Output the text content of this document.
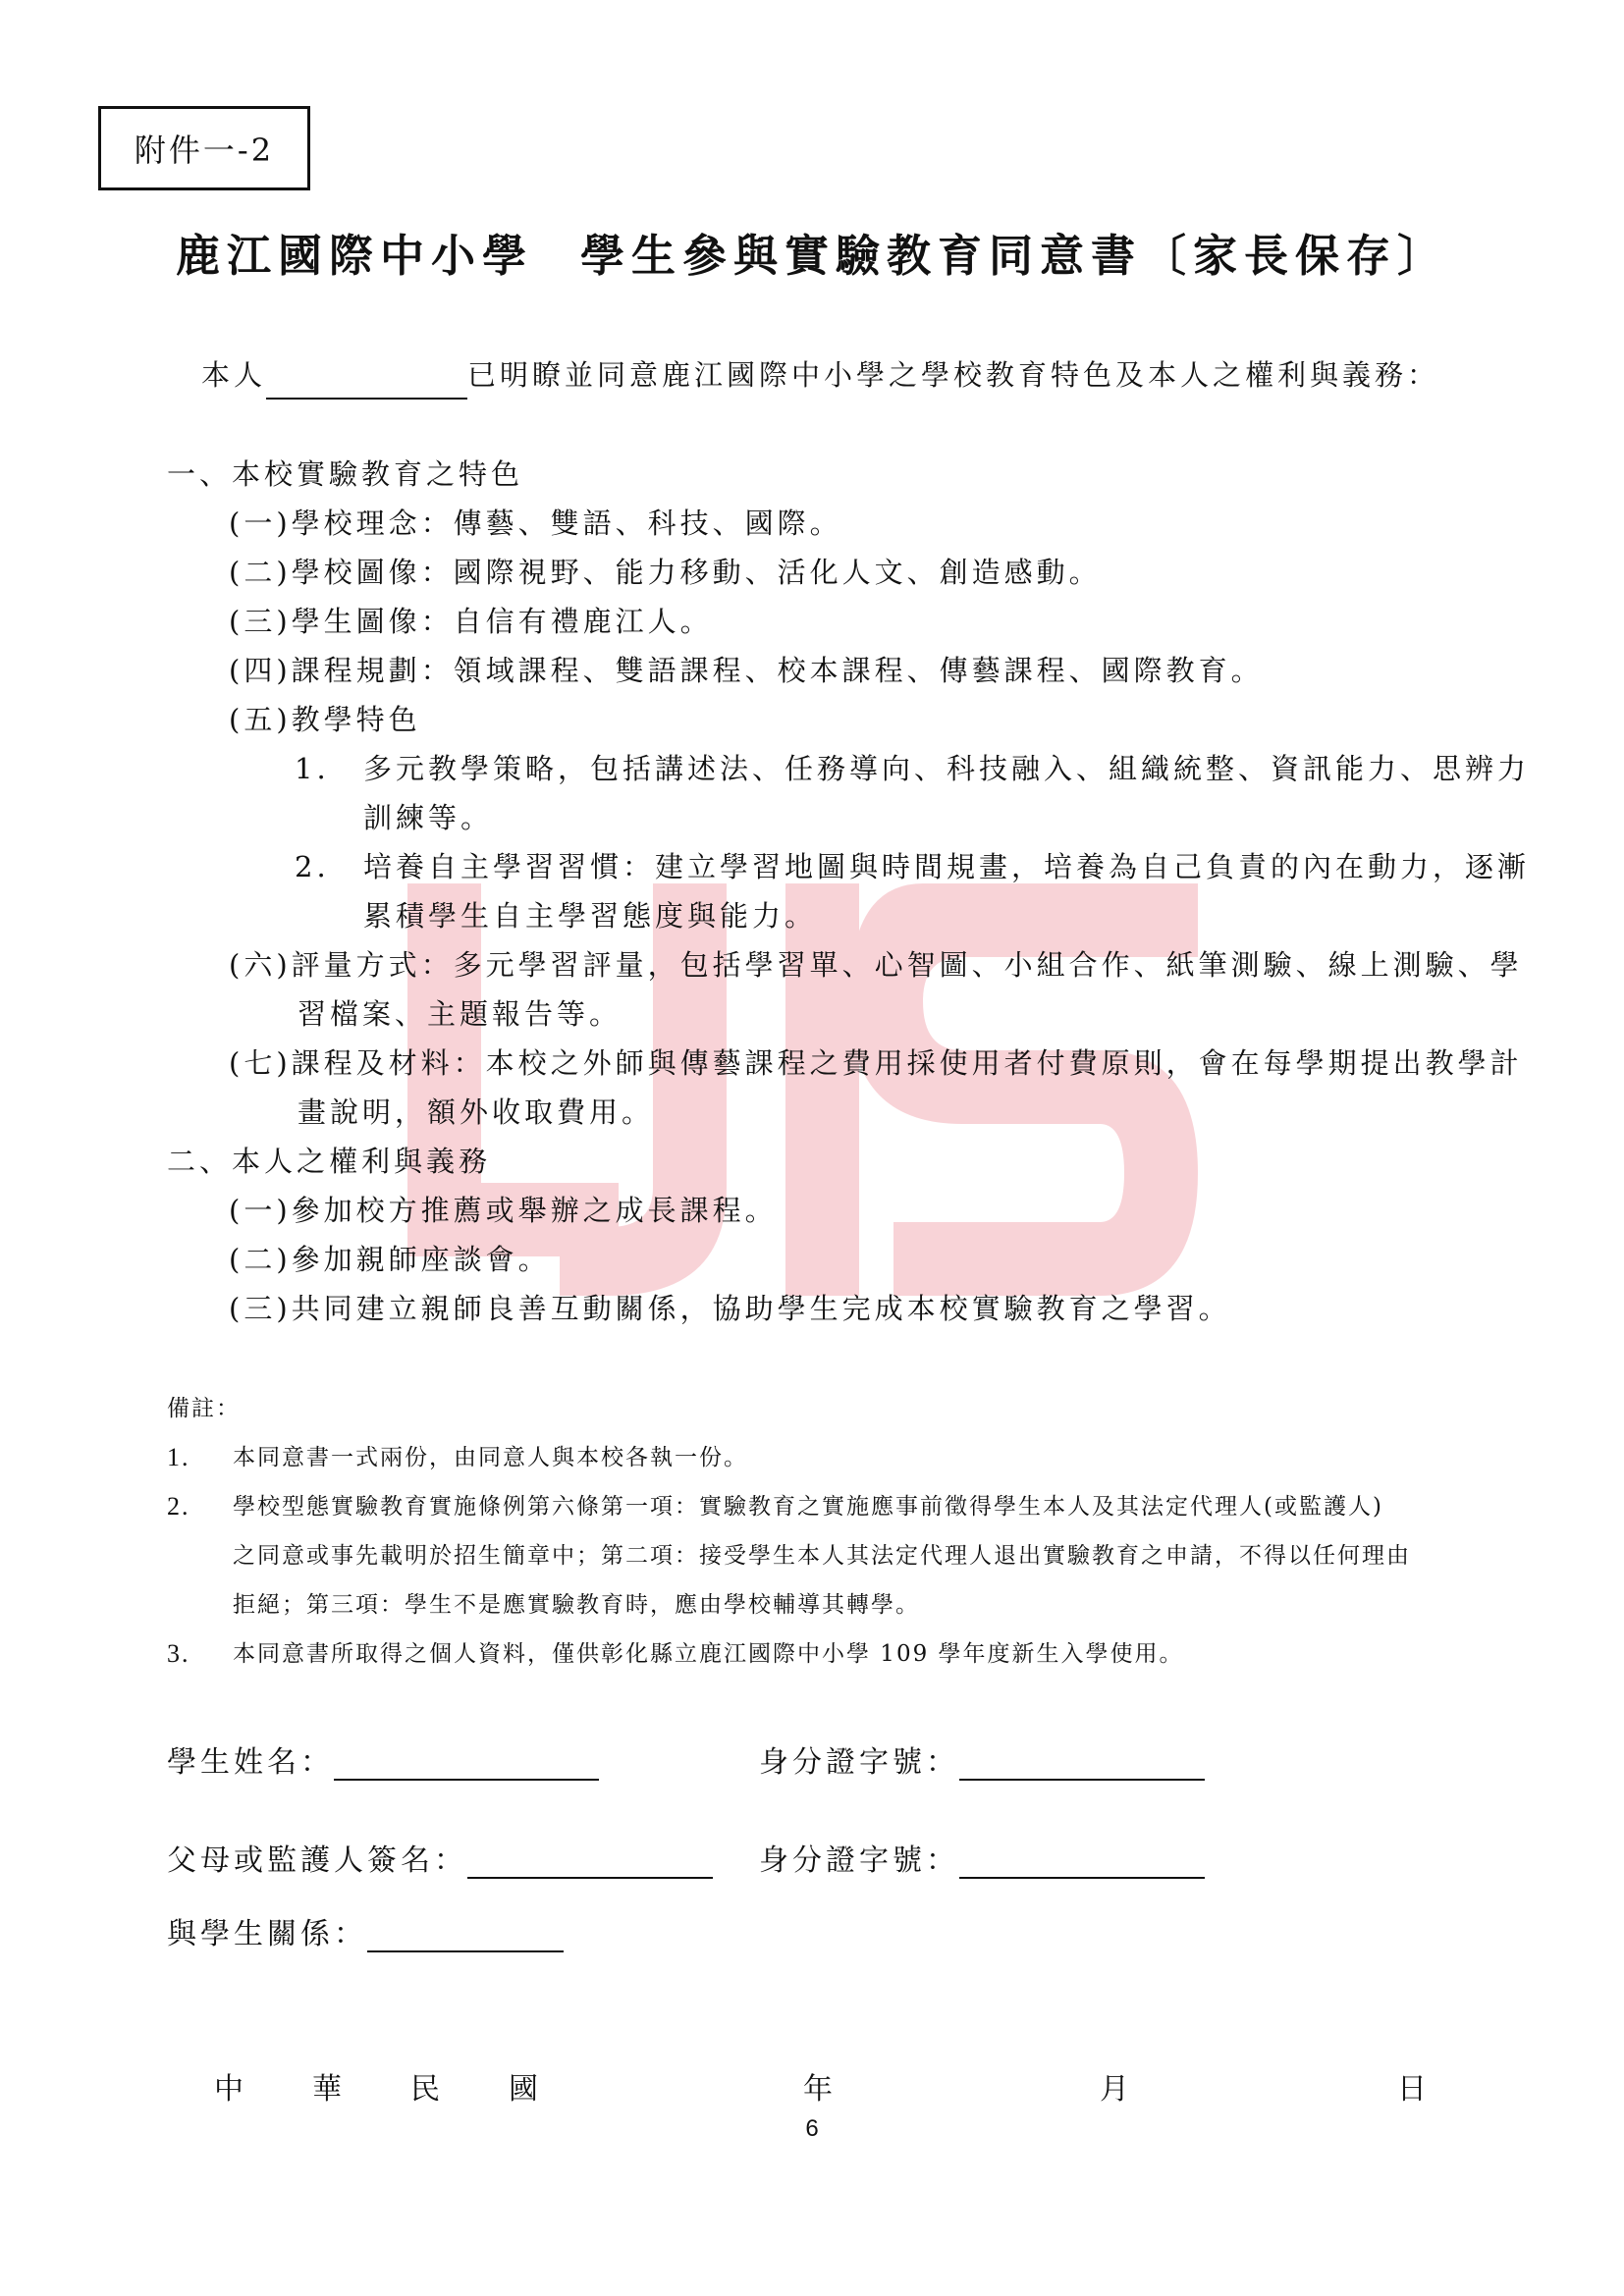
附件一-2
鹿江國際中小學 學生參與實驗教育同意書〔家長保存〕
本人	已明瞭並同意鹿江國際中小學之學校教育特色及本人之權利與義務：
一、本校實驗教育之特色
(一)學校理念：傳藝、雙語、科技、國際。
(二)學校圖像：國際視野、能力移動、活化人文、創造感動。
(三)學生圖像：自信有禮鹿江人。
(四)課程規劃：領域課程、雙語課程、校本課程、傳藝課程、國際教育。
(五)教學特色
1. 多元教學策略，包括講述法、任務導向、科技融入、組織統整、資訊能力、思辨力
訓練等。
2. 培養自主學習習慣：建立學習地圖與時間規畫，培養為自己負責的內在動力，逐漸
累積學生自主學習態度與能力。
(六)評量方式：多元學習評量，包括學習單、心智圖、小組合作、紙筆測驗、線上測驗、學
習檔案、主題報告等。
(七)課程及材料：本校之外師與傳藝課程之費用採使用者付費原則，會在每學期提出教學計
畫說明，額外收取費用。
二、本人之權利與義務
(一)參加校方推薦或舉辦之成長課程。
(二)參加親師座談會。
(三)共同建立親師良善互動關係，協助學生完成本校實驗教育之學習。
備註：
1. 本同意書一式兩份，由同意人與本校各執一份。
2. 學校型態實驗教育實施條例第六條第一項：實驗教育之實施應事前徵得學生本人及其法定代理人(或監護人)
之同意或事先載明於招生簡章中；第二項：接受學生本人其法定代理人退出實驗教育之申請，不得以任何理由
拒絕；第三項：學生不是應實驗教育時，應由學校輔導其轉學。
3. 本同意書所取得之個人資料，僅供彰化縣立鹿江國際中小學 109 學年度新生入學使用。
學生姓名：	身分證字號：
父母或監護人簽名：	身分證字號：
與學生關係：
中 華 民 國	年	月	日
6
